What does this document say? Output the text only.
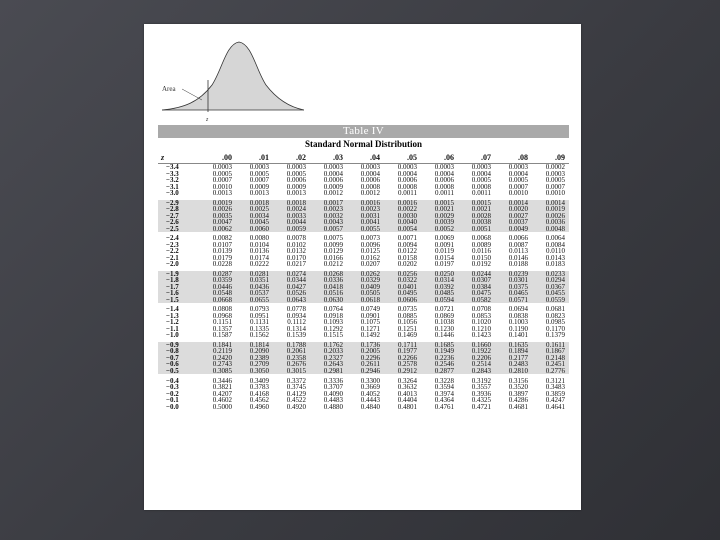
Area
z
Table IV
Standard Normal Distribution
z	.00	.01	.02	.03	.04	.05	.06	.07	.08	.09
−3.4	0.0003	0.0003	0.0003	0.0003	0.0003	0.0003	0.0003	0.0003	0.0003	0.0002
−3.3	0.0005	0.0005	0.0005	0.0004	0.0004	0.0004	0.0004	0.0004	0.0004	0.0003
−3.2	0.0007	0.0007	0.0006	0.0006	0.0006	0.0006	0.0006	0.0005	0.0005	0.0005
−3.1	0.0010	0.0009	0.0009	0.0009	0.0008	0.0008	0.0008	0.0008	0.0007	0.0007
−3.0	0.0013	0.0013	0.0013	0.0012	0.0012	0.0011	0.0011	0.0011	0.0010	0.0010

−2.9	0.0019	0.0018	0.0018	0.0017	0.0016	0.0016	0.0015	0.0015	0.0014	0.0014
−2.8	0.0026	0.0025	0.0024	0.0023	0.0023	0.0022	0.0021	0.0021	0.0020	0.0019
−2.7	0.0035	0.0034	0.0033	0.0032	0.0031	0.0030	0.0029	0.0028	0.0027	0.0026
−2.6	0.0047	0.0045	0.0044	0.0043	0.0041	0.0040	0.0039	0.0038	0.0037	0.0036
−2.5	0.0062	0.0060	0.0059	0.0057	0.0055	0.0054	0.0052	0.0051	0.0049	0.0048

−2.4	0.0082	0.0080	0.0078	0.0075	0.0073	0.0071	0.0069	0.0068	0.0066	0.0064
−2.3	0.0107	0.0104	0.0102	0.0099	0.0096	0.0094	0.0091	0.0089	0.0087	0.0084
−2.2	0.0139	0.0136	0.0132	0.0129	0.0125	0.0122	0.0119	0.0116	0.0113	0.0110
−2.1	0.0179	0.0174	0.0170	0.0166	0.0162	0.0158	0.0154	0.0150	0.0146	0.0143
−2.0	0.0228	0.0222	0.0217	0.0212	0.0207	0.0202	0.0197	0.0192	0.0188	0.0183

−1.9	0.0287	0.0281	0.0274	0.0268	0.0262	0.0256	0.0250	0.0244	0.0239	0.0233
−1.8	0.0359	0.0351	0.0344	0.0336	0.0329	0.0322	0.0314	0.0307	0.0301	0.0294
−1.7	0.0446	0.0436	0.0427	0.0418	0.0409	0.0401	0.0392	0.0384	0.0375	0.0367
−1.6	0.0548	0.0537	0.0526	0.0516	0.0505	0.0495	0.0485	0.0475	0.0465	0.0455
−1.5	0.0668	0.0655	0.0643	0.0630	0.0618	0.0606	0.0594	0.0582	0.0571	0.0559

−1.4	0.0808	0.0793	0.0778	0.0764	0.0749	0.0735	0.0721	0.0708	0.0694	0.0681
−1.3	0.0968	0.0951	0.0934	0.0918	0.0901	0.0885	0.0869	0.0853	0.0838	0.0823
−1.2	0.1151	0.1131	0.1112	0.1093	0.1075	0.1056	0.1038	0.1020	0.1003	0.0985
−1.1	0.1357	0.1335	0.1314	0.1292	0.1271	0.1251	0.1230	0.1210	0.1190	0.1170
−1.0	0.1587	0.1562	0.1539	0.1515	0.1492	0.1469	0.1446	0.1423	0.1401	0.1379

−0.9	0.1841	0.1814	0.1788	0.1762	0.1736	0.1711	0.1685	0.1660	0.1635	0.1611
−0.8	0.2119	0.2090	0.2061	0.2033	0.2005	0.1977	0.1949	0.1922	0.1894	0.1867
−0.7	0.2420	0.2389	0.2358	0.2327	0.2296	0.2266	0.2236	0.2206	0.2177	0.2148
−0.6	0.2743	0.2709	0.2676	0.2643	0.2611	0.2578	0.2546	0.2514	0.2483	0.2451
−0.5	0.3085	0.3050	0.3015	0.2981	0.2946	0.2912	0.2877	0.2843	0.2810	0.2776

−0.4	0.3446	0.3409	0.3372	0.3336	0.3300	0.3264	0.3228	0.3192	0.3156	0.3121
−0.3	0.3821	0.3783	0.3745	0.3707	0.3669	0.3632	0.3594	0.3557	0.3520	0.3483
−0.2	0.4207	0.4168	0.4129	0.4090	0.4052	0.4013	0.3974	0.3936	0.3897	0.3859
−0.1	0.4602	0.4562	0.4522	0.4483	0.4443	0.4404	0.4364	0.4325	0.4286	0.4247
−0.0	0.5000	0.4960	0.4920	0.4880	0.4840	0.4801	0.4761	0.4721	0.4681	0.4641
